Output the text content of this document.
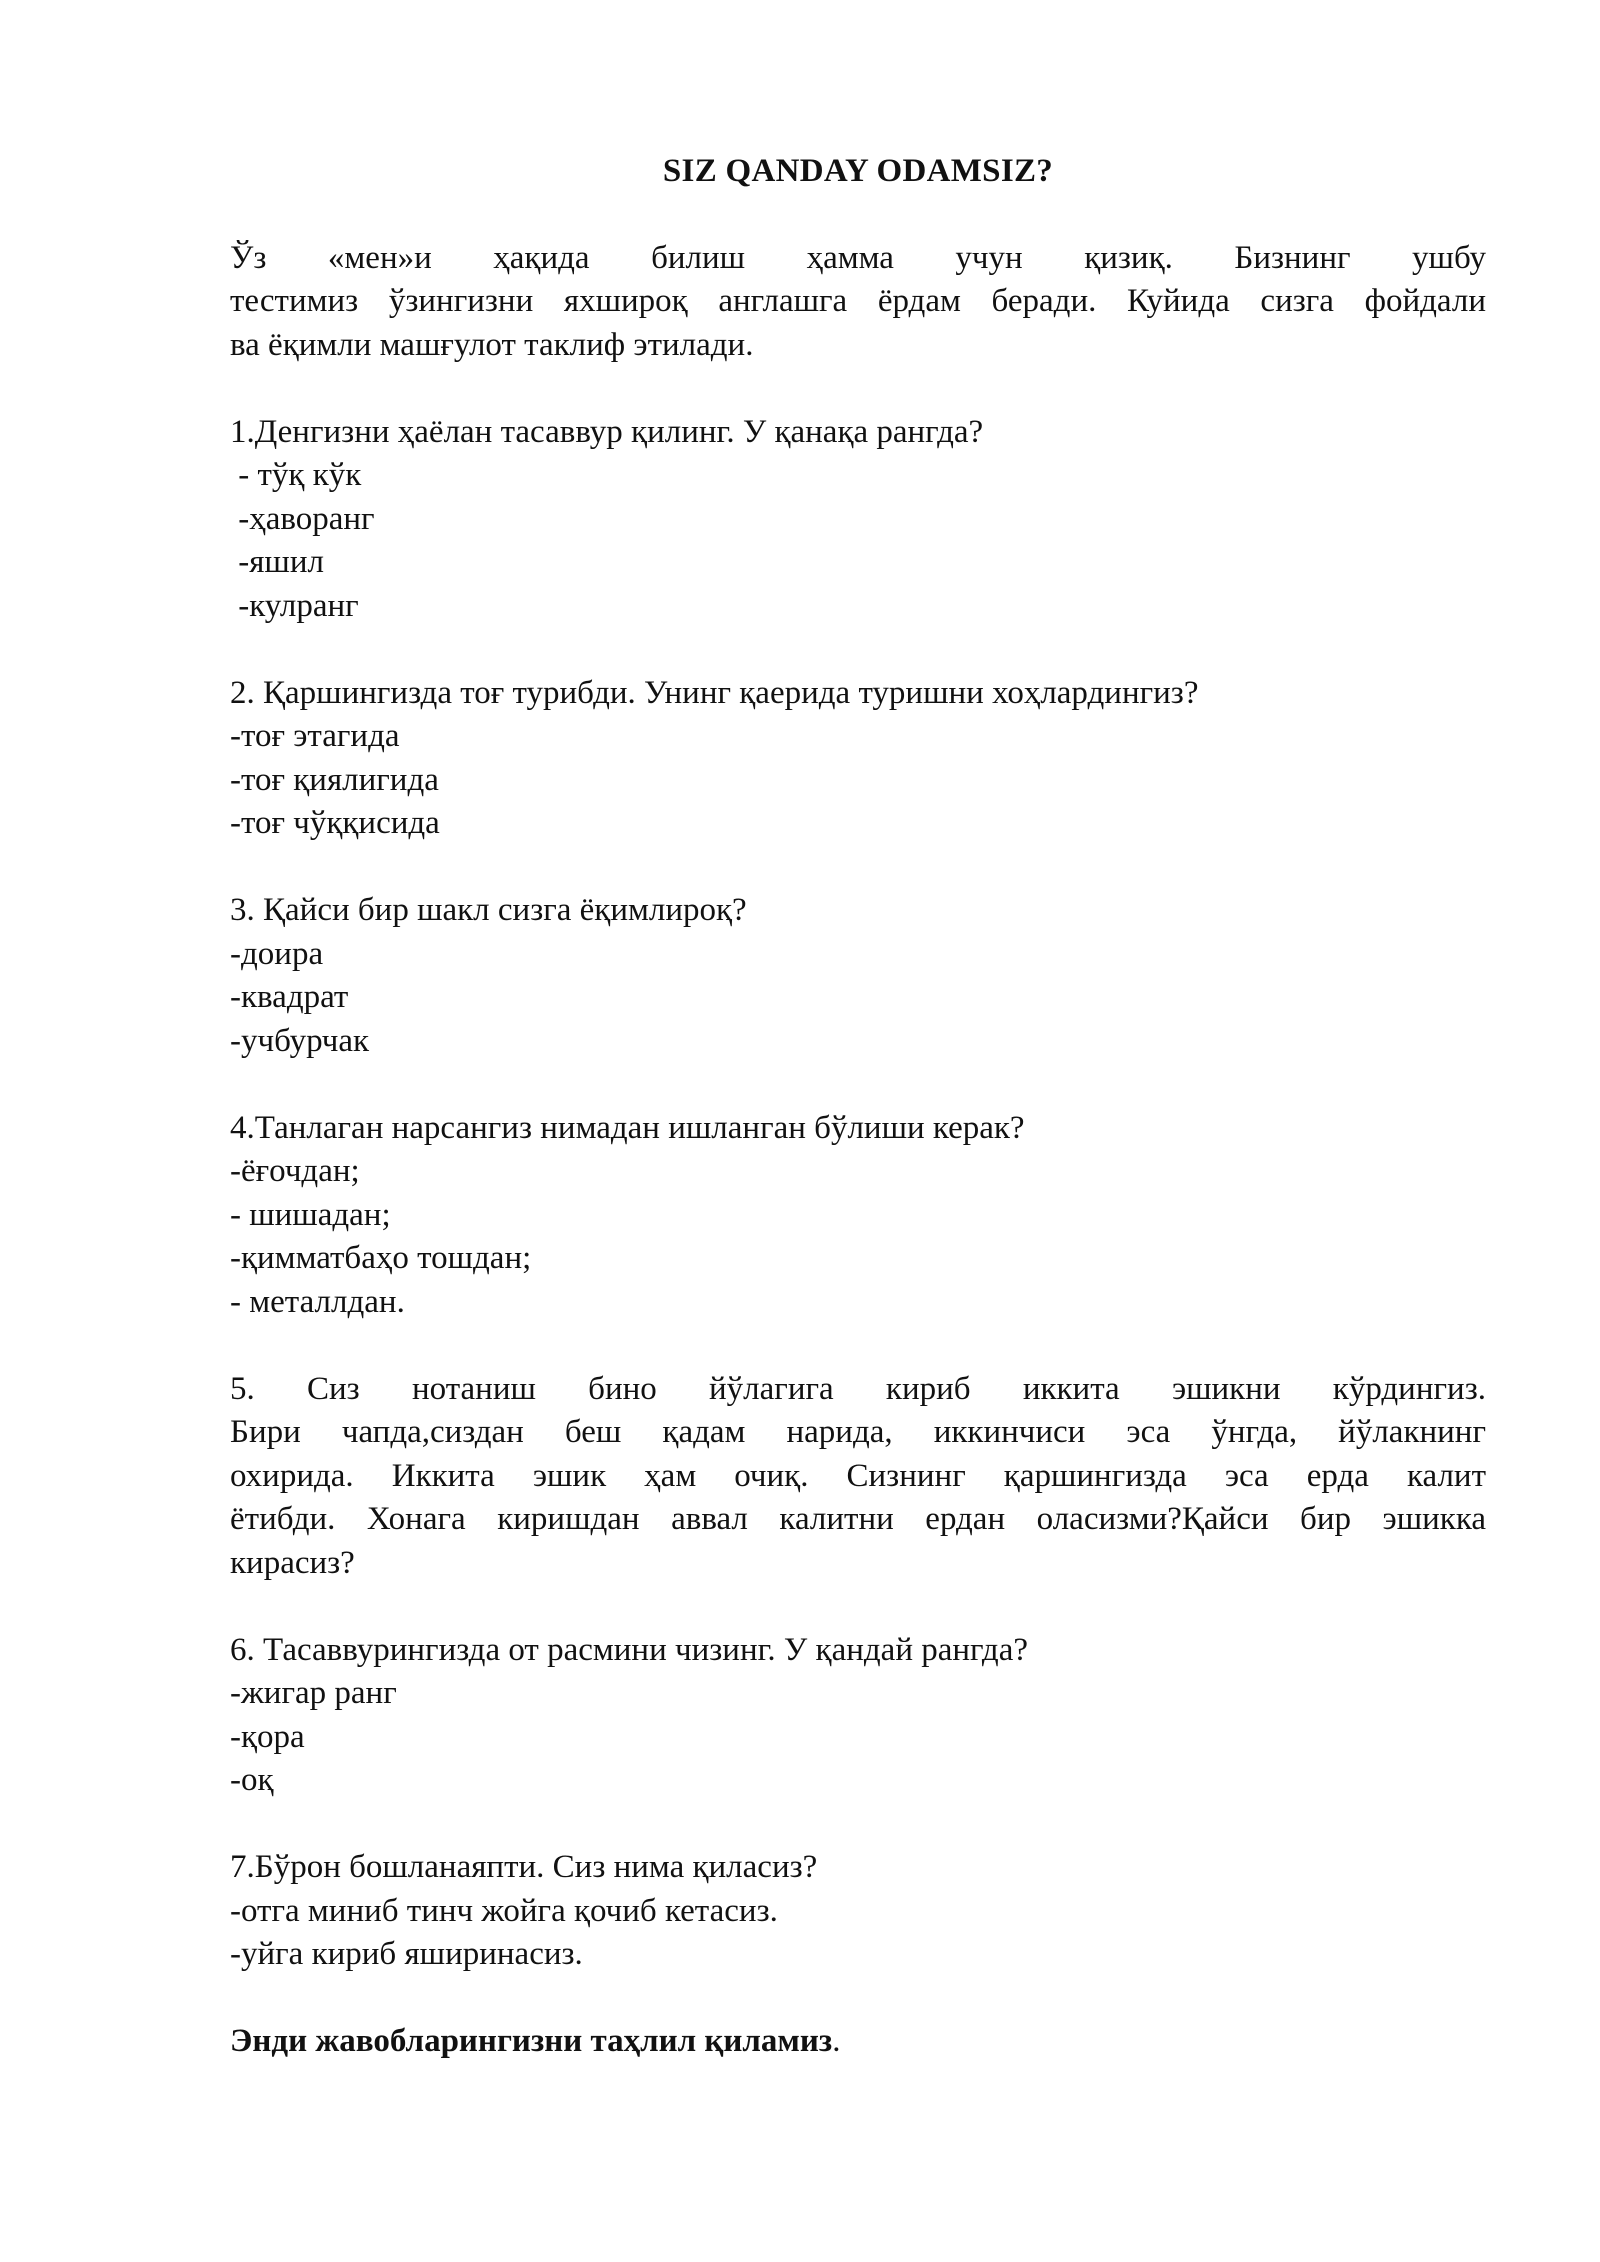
SIZ QANDAY ODAMSIZ?
Ўз «мен»и ҳақида билиш ҳамма учун қизиқ. Бизнинг ушбу
тестимиз ўзингизни яхшироқ англашга ёрдам беради. Куйида сизга фойдали
ва ёқимли машғулот таклиф этилади.

1.Денгизни ҳаёлан тасаввур қилинг. У қанақа рангда?

- тўқ кўк

-ҳаворанг

-яшил

-кулранг

2. Қаршингизда тоғ турибди. Унинг қаерида туришни хоҳлардингиз?

-тоғ этагида

-тоғ қиялигида

-тоғ чўққисида

3. Қайси бир шакл сизга ёқимлироқ?

-доира

-квадрат

-учбурчак

4.Танлаган нарсангиз нимадан ишланган бўлиши керак?

-ёғочдан;

- шишадан;

-қимматбаҳо тошдан;

- металлдан.

5. Сиз нотаниш бино йўлагига кириб иккита эшикни кўрдингиз.
Бири чапда,сиздан беш қадам нарида, иккинчиси эса ўнгда, йўлакнинг
охирида. Иккита эшик ҳам очиқ. Сизнинг қаршингизда эса ерда калит
ётибди. Хонага киришдан аввал калитни ердан оласизми?Қайси бир эшикка
кирасиз?

6. Тасаввурингизда от расмини чизинг. У қандай рангда?

-жигар ранг

-қора

-оқ

7.Бўрон бошланаяпти. Сиз нима қиласиз?

-отга миниб тинч жойга қочиб кетасиз.

-уйга кириб яширинасиз.

Энди жавобларингизни таҳлил қиламиз.
